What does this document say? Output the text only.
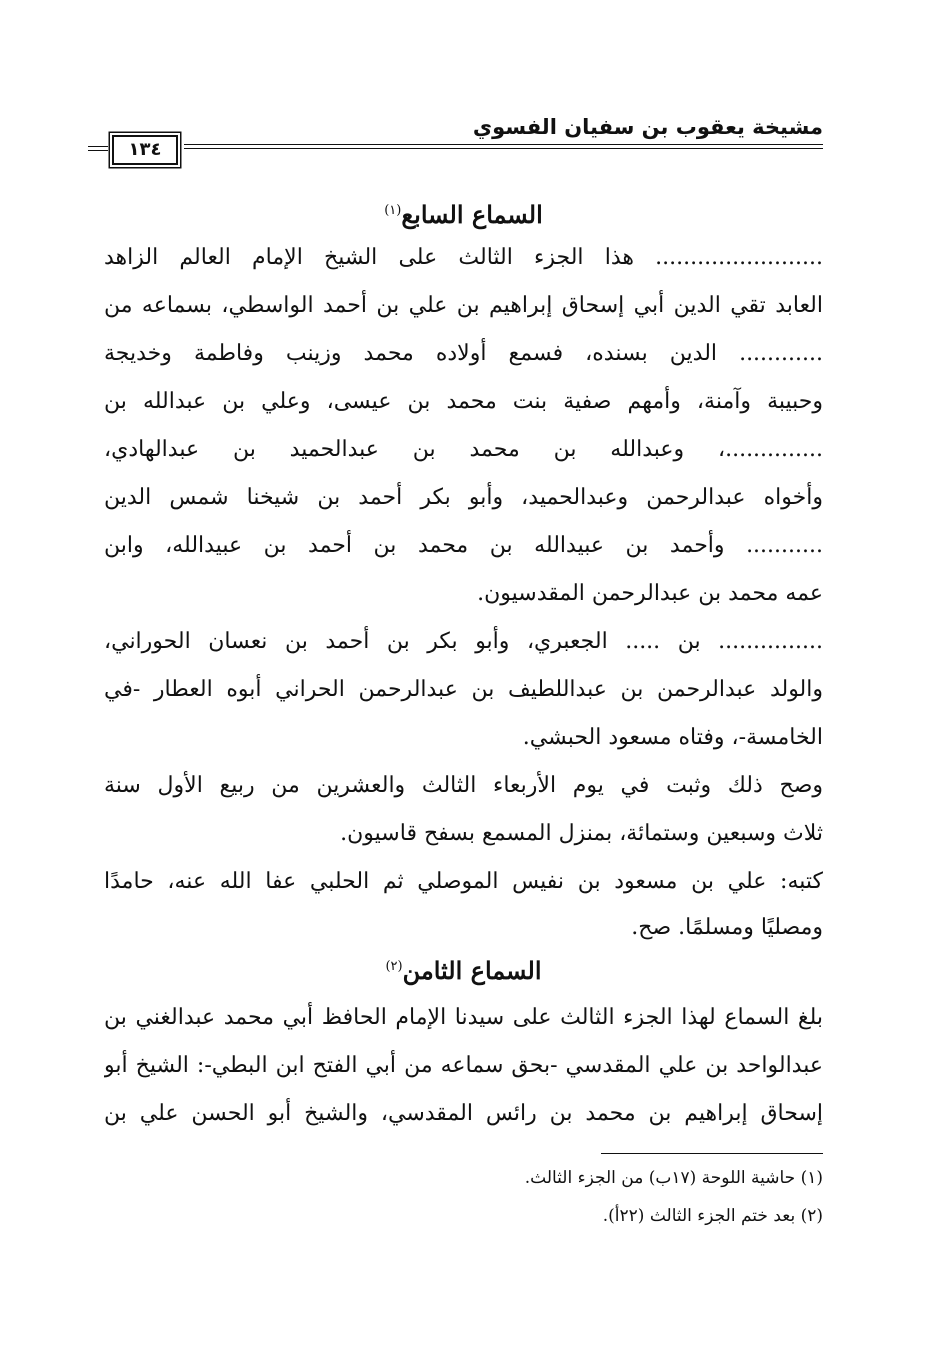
مشيخة يعقوب بن سفيان الفسوي
١٣٤
السماع السابع$^{(١)}$
........................ هذا الجزء الثالث على الشيخ الإمام العالم الزاهد
العابد تقي الدين أبي إسحاق إبراهيم بن علي بن أحمد الواسطي، بسماعه من
............ الدين بسنده، فسمع أولاده محمد وزينب وفاطمة وخديجة
وحبيبة وآمنة، وأمهم صفية بنت محمد بن عيسى، وعلي بن عبدالله بن
..............، وعبدالله بن محمد بن عبدالحميد بن عبدالهادي،
وأخواه عبدالرحمن وعبدالحميد، وأبو بكر أحمد بن شيخنا شمس الدين
........... وأحمد بن عبيدالله بن محمد بن أحمد بن عبيدالله، وابن
عمه محمد بن عبدالرحمن المقدسيون.
............... بن ..... الجعبري، وأبو بكر بن أحمد بن نعسان الحوراني،
والولد عبدالرحمن بن عبداللطيف بن عبدالرحمن الحراني أبوه العطار -في
الخامسة-، وفتاه مسعود الحبشي.
وصح ذلك وثبت في يوم الأربعاء الثالث والعشرين من ربيع الأول سنة
ثلاث وسبعين وستمائة، بمنزل المسمع بسفح قاسيون.
كتبه: علي بن مسعود بن نفيس الموصلي ثم الحلبي عفا الله عنه، حامدًا
ومصليًا ومسلمًا. صح.
السماع الثامن$^{(٢)}$
بلغ السماع لهذا الجزء الثالث على سيدنا الإمام الحافظ أبي محمد عبدالغني بن
عبدالواحد بن علي المقدسي -بحق سماعه من أبي الفتح ابن البطي-: الشيخ أبو
إسحاق إبراهيم بن محمد بن رائس المقدسي، والشيخ أبو الحسن علي بن
(١) حاشية اللوحة (١٧ب) من الجزء الثالث.
(٢) بعد ختم الجزء الثالث (٢٢أ).
